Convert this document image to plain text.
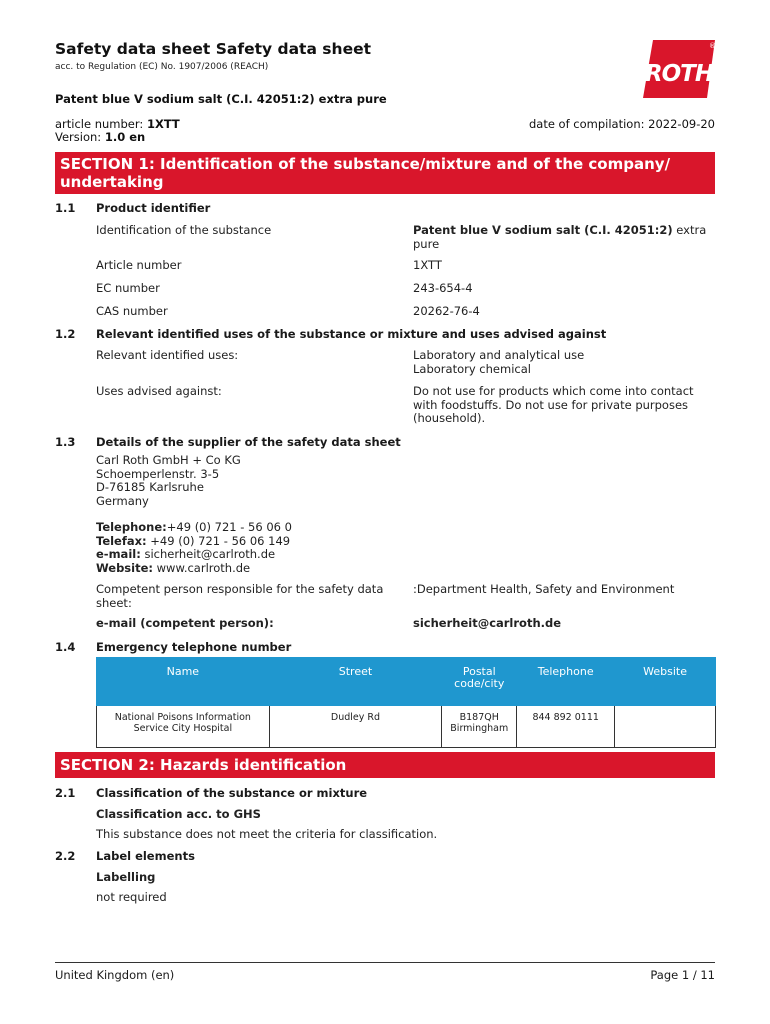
Safety data sheet Safety data sheet
acc. to Regulation (EC) No. 1907/2006 (REACH)
Patent blue V sodium salt (C.I. 42051:2) extra pure
article number: 1XTT
Version: 1.0 en
date of compilation: 2022-09-20
®
ROTH
SECTION 1: Identification of the substance/mixture and of the company/ undertaking
1.1 Product identifier
Identification of the substance	Patent blue V sodium salt (C.I. 42051:2) extra pure
Article number	1XTT
EC number	243-654-4
CAS number	20262-76-4
1.2 Relevant identified uses of the substance or mixture and uses advised against
Relevant identified uses:	Laboratory and analytical use
Laboratory chemical
Uses advised against:	Do not use for products which come into contact with foodstuffs. Do not use for private purposes (household).
1.3 Details of the supplier of the safety data sheet
Carl Roth GmbH + Co KG
Schoemperlenstr. 3-5
D-76185 Karlsruhe
Germany
Telephone:+49 (0) 721 - 56 06 0
Telefax: +49 (0) 721 - 56 06 149
e-mail: sicherheit@carlroth.de
Website: www.carlroth.de
Competent person responsible for the safety data sheet:
:Department Health, Safety and Environment
e-mail (competent person):	sicherheit@carlroth.de
1.4 Emergency telephone number
Name	Street	Postal code/city	Telephone	Website
National Poisons Information Service City Hospital	Dudley Rd	B187QH Birmingham	844 892 0111	
SECTION 2: Hazards identification
2.1 Classification of the substance or mixture
Classification acc. to GHS
This substance does not meet the criteria for classification.
2.2 Label elements
Labelling
not required
United Kingdom (en)	Page 1 / 11
